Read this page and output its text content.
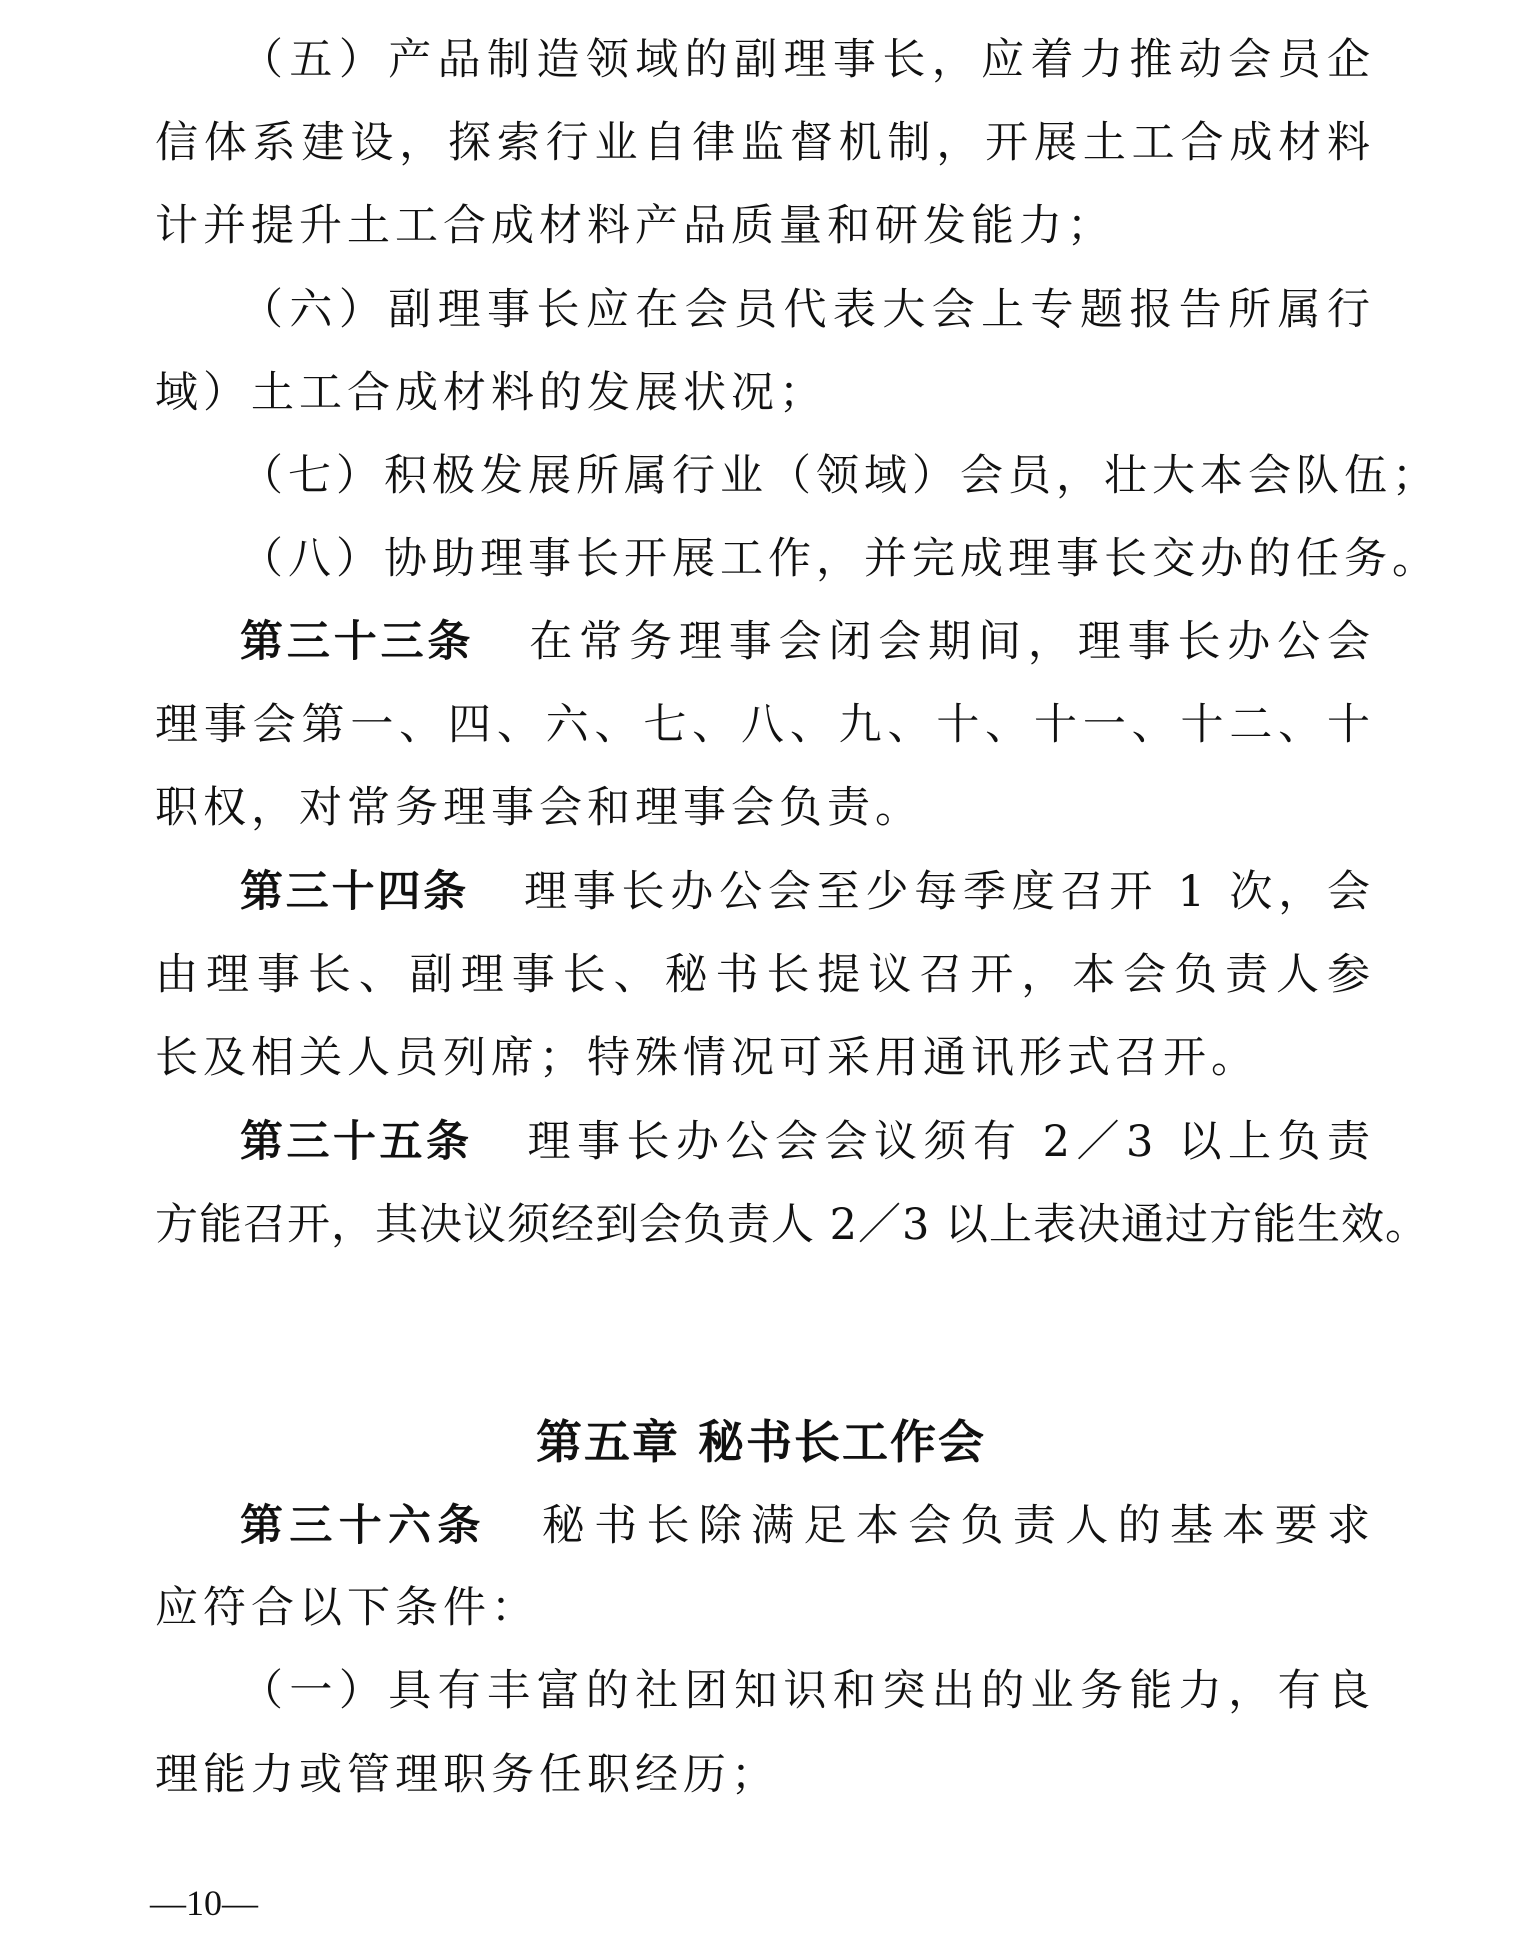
（五）产品制造领域的副理事长，应着力推动会员企
信体系建设，探索行业自律监督机制，开展土工合成材料
计并提升土工合成材料产品质量和研发能力；
（六）副理事长应在会员代表大会上专题报告所属行
域）土工合成材料的发展状况；
（七）积极发展所属行业（领域）会员，壮大本会队伍；
（八）协助理事长开展工作，并完成理事长交办的任务。
第三十三条 在常务理事会闭会期间，理事长办公会
理事会第一、四、六、七、八、九、十、十一、十二、十
职权，对常务理事会和理事会负责。
第三十四条 理事长办公会至少每季度召开 1 次，会
由理事长、副理事长、秘书长提议召开，本会负责人参
长及相关人员列席；特殊情况可采用通讯形式召开。
第三十五条 理事长办公会会议须有 2／3 以上负责
方能召开，其决议须经到会负责人 2／3 以上表决通过方能生效。
第五章 秘书长工作会
第三十六条 秘书长除满足本会负责人的基本要求
应符合以下条件：
（一）具有丰富的社团知识和突出的业务能力，有良
理能力或管理职务任职经历；
—10—
